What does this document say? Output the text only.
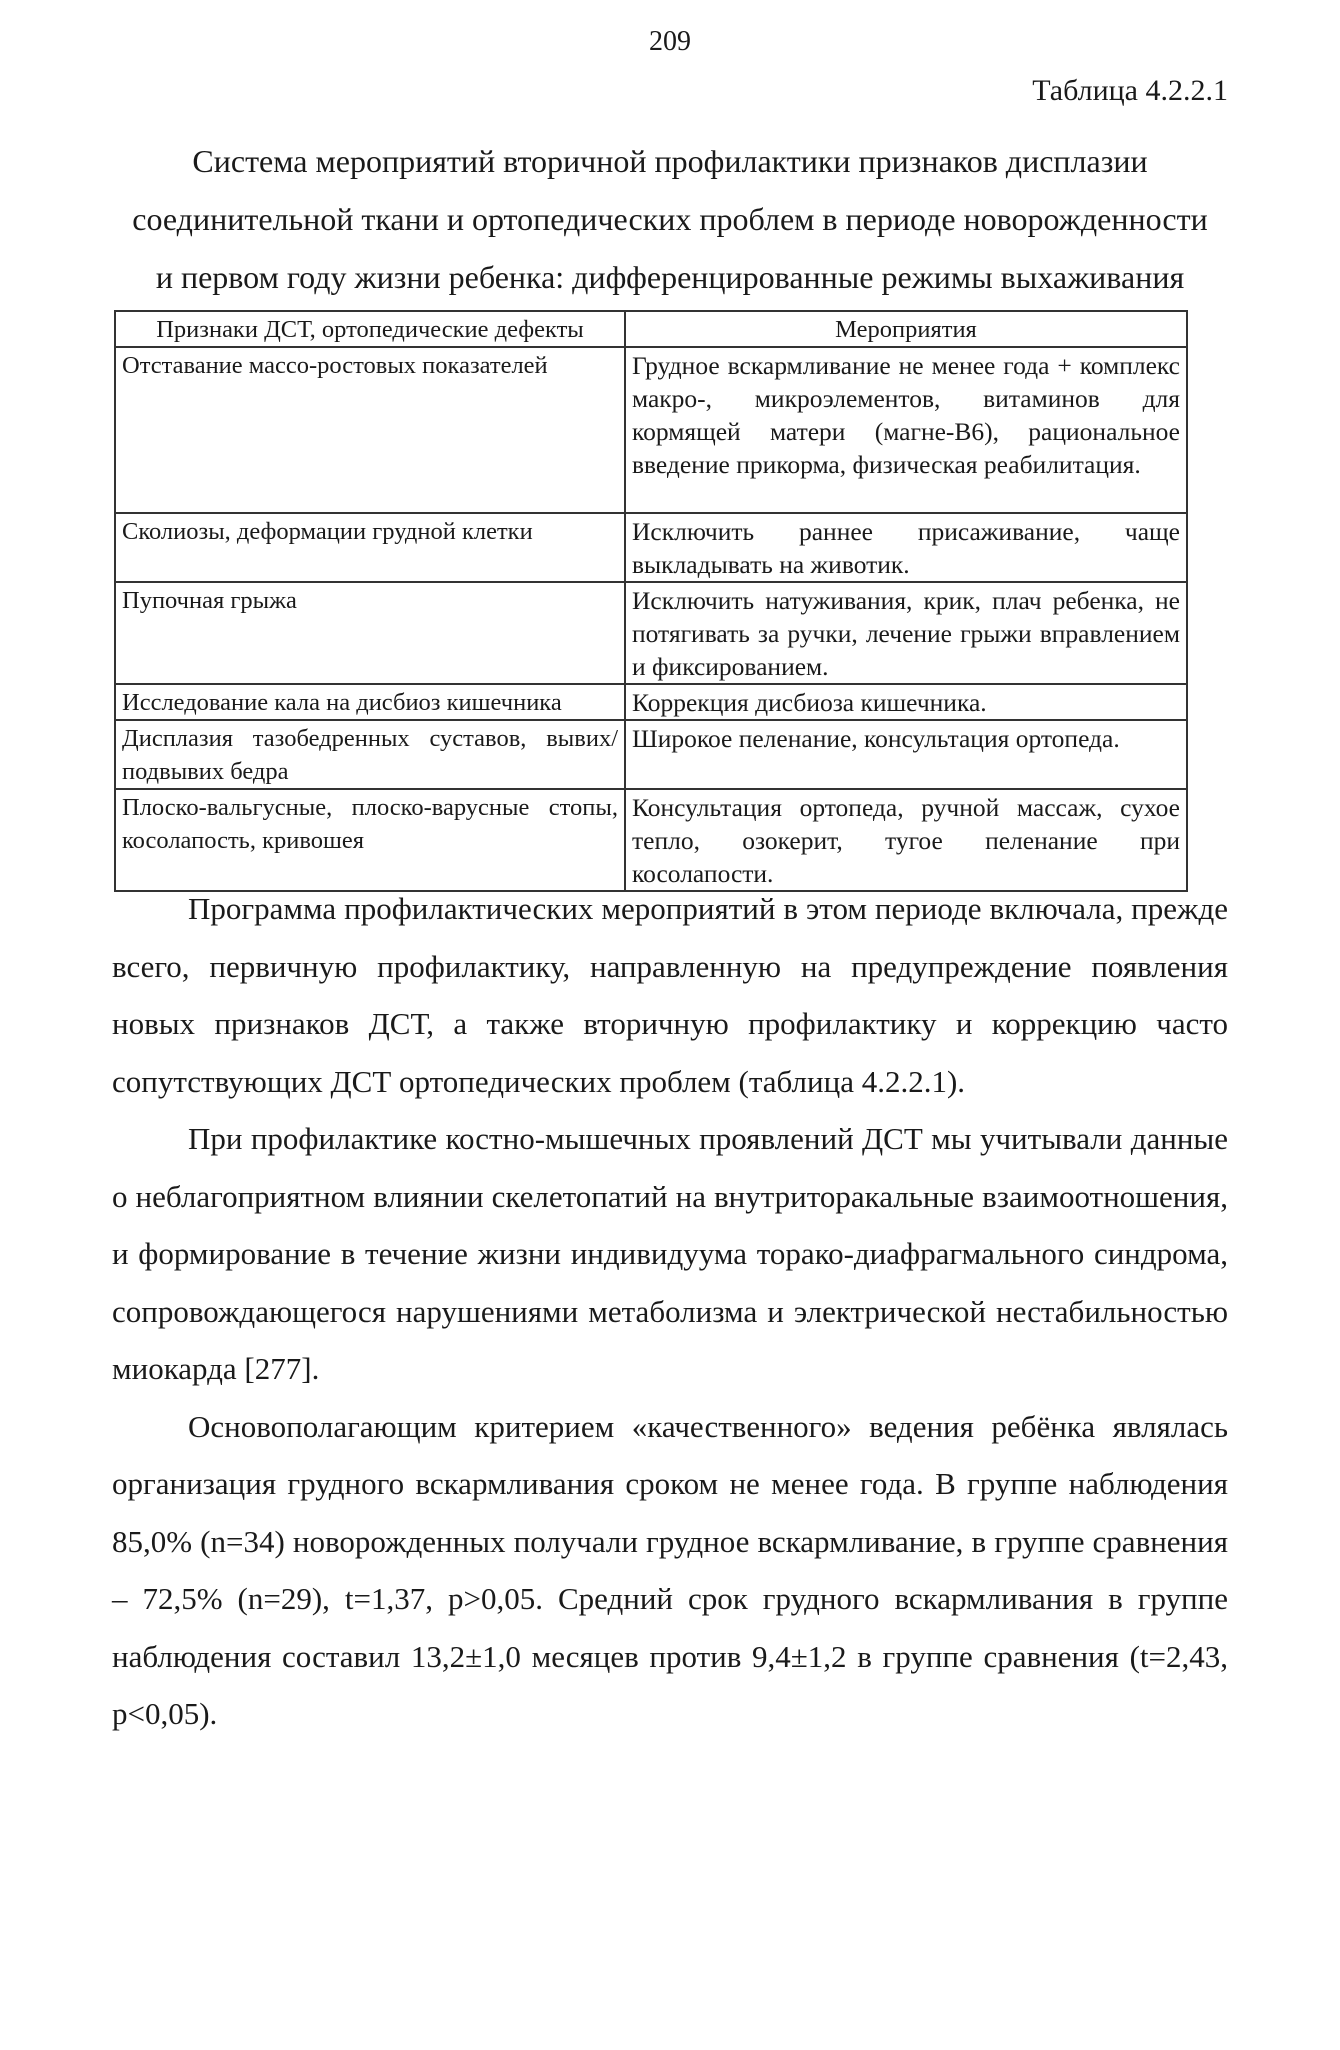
209
Таблица 4.2.2.1
Система мероприятий вторичной профилактики признаков дисплазии
соединительной ткани и ортопедических проблем в периоде новорожденности
и первом году жизни ребенка: дифференцированные режимы выхаживания
Признаки ДСТ, ортопедические дефекты	Мероприятия
Отставание массо-ростовых показателей	Грудное вскармливание не менее года + комплекс макро-, микроэлементов, витаминов для кормящей матери (магне-В6), рациональное введение прикорма, физическая реабилитация.
Сколиозы, деформации грудной клетки	Исключить раннее присаживание, чаще выкладывать на животик.
Пупочная грыжа	Исключить натуживания, крик, плач ребенка, не потягивать за ручки, лечение грыжи вправлением и фиксированием.
Исследование кала на дисбиоз кишечника	Коррекция дисбиоза кишечника.
Дисплазия тазобедренных суставов, вывих/ подвывих бедра	Широкое пеленание, консультация ортопеда.
Плоско-вальгусные, плоско-варусные стопы, косолапость, кривошея	Консультация ортопеда, ручной массаж, сухое тепло, озокерит, тугое пеленание при косолапости.

Программа профилактических мероприятий в этом периоде включала, прежде всего, первичную профилактику, направленную на предупреждение появления новых признаков ДСТ, а также вторичную профилактику и коррекцию часто сопутствующих ДСТ ортопедических проблем (таблица 4.2.2.1).

При профилактике костно-мышечных проявлений ДСТ мы учитывали данные о неблагоприятном влиянии скелетопатий на внутриторакальные взаимоотношения, и формирование в течение жизни индивидуума торако-диафрагмального синдрома, сопровождающегося нарушениями метаболизма и электрической нестабильностью миокарда [277].

Основополагающим критерием «качественного» ведения ребёнка являлась организация грудного вскармливания сроком не менее года. В группе наблюдения 85,0% (n=34) новорожденных получали грудное вскармливание, в группе сравнения – 72,5% (n=29), t=1,37, p>0,05. Средний срок грудного вскармливания в группе наблюдения составил 13,2±1,0 месяцев против 9,4±1,2 в группе сравнения (t=2,43, p<0,05).
